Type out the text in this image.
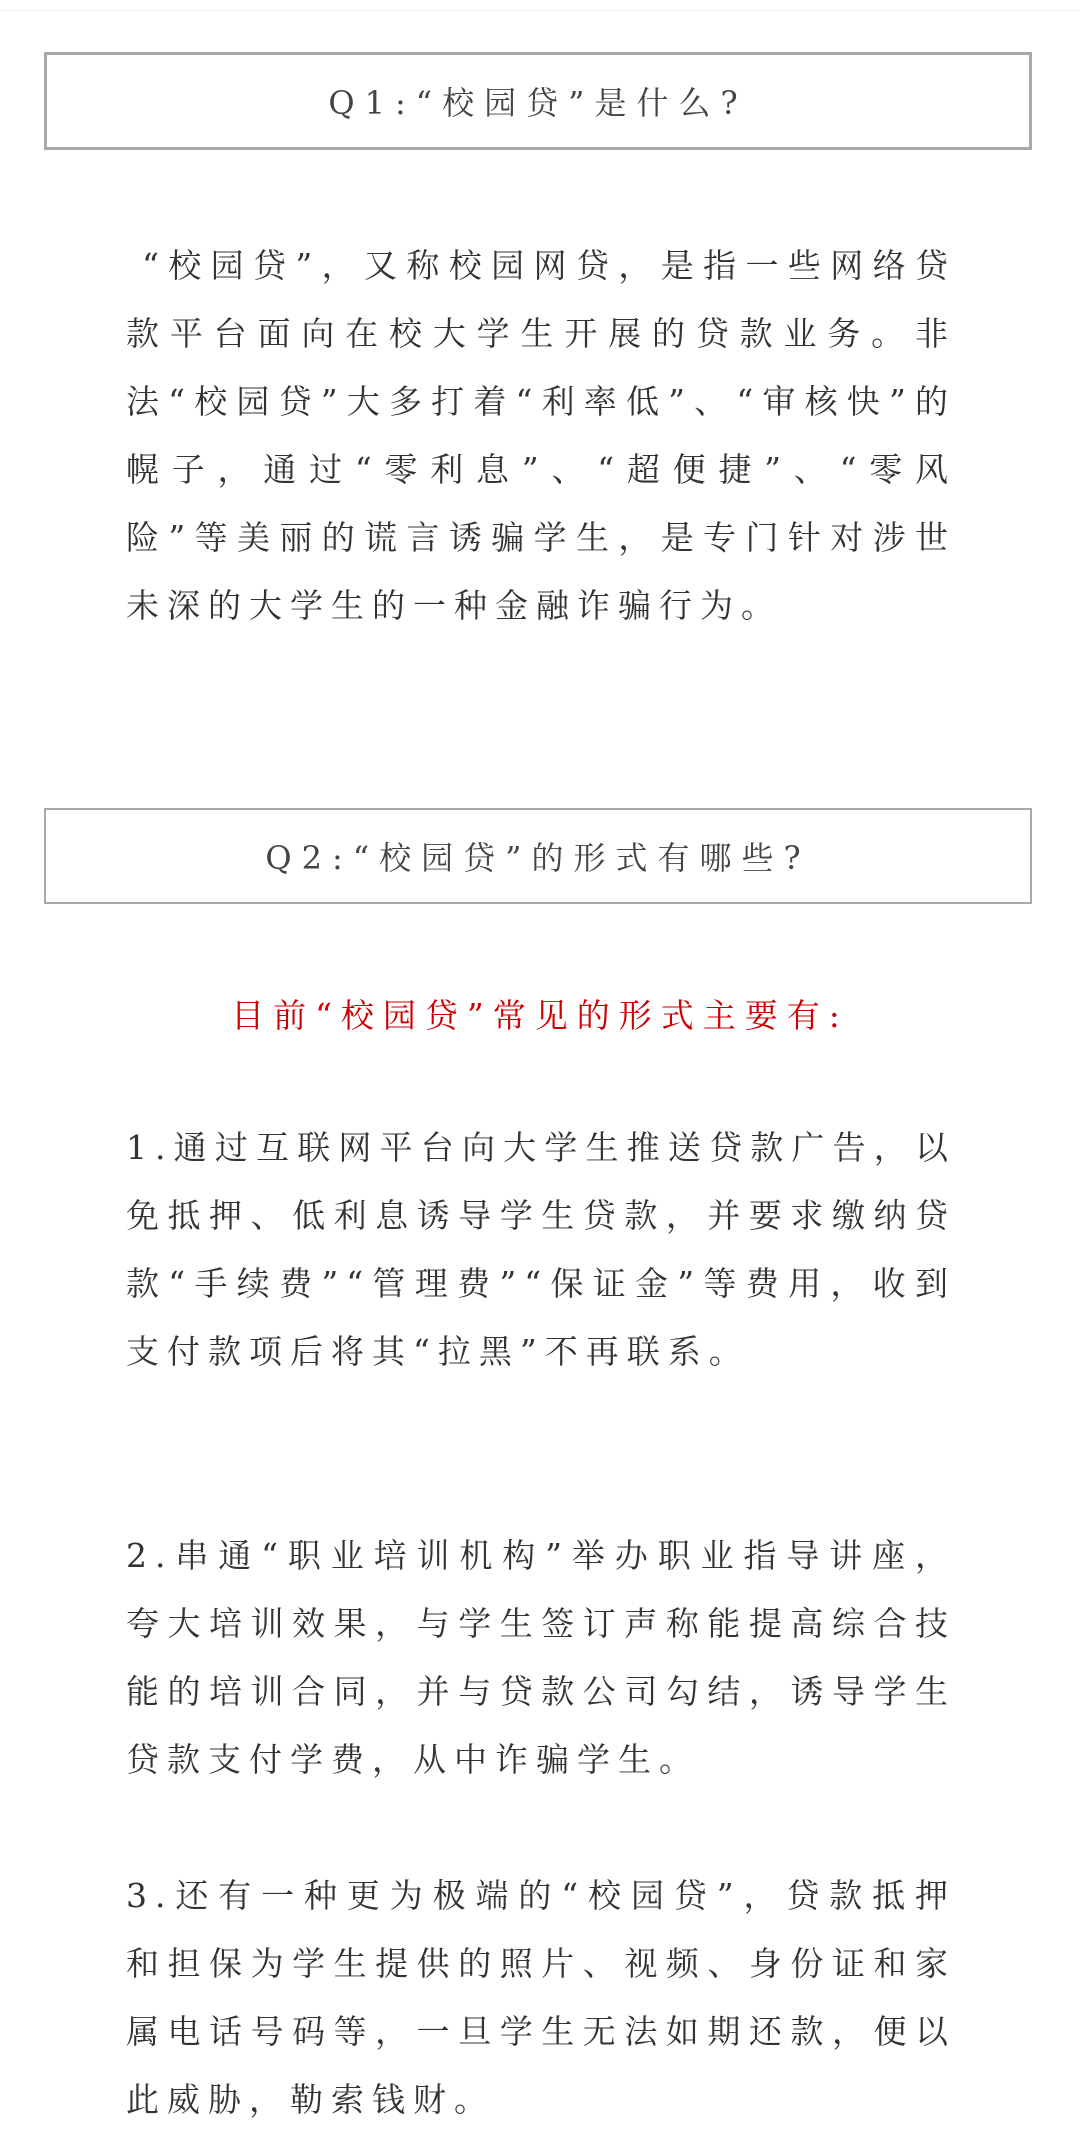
Q1:“校园贷”是什么?

“校园贷”，又称校园网贷，是指一些网络贷款平台面向在校大学生开展的贷款业务。非法“校园贷”大多打着“利率低”、“审核快”的幌子，通过“零利息”、“超便捷”、“零风险”等美丽的谎言诱骗学生，是专门针对涉世未深的大学生的一种金融诈骗行为。

Q2:“校园贷”的形式有哪些?

目前“校园贷”常见的形式主要有:

1.通过互联网平台向大学生推送贷款广告，以免抵押、低利息诱导学生贷款，并要求缴纳贷款“手续费”“管理费”“保证金”等费用，收到支付款项后将其“拉黑”不再联系。

2.串通“职业培训机构”举办职业指导讲座，夸大培训效果，与学生签订声称能提高综合技能的培训合同，并与贷款公司勾结，诱导学生贷款支付学费，从中诈骗学生。

3.还有一种更为极端的“校园贷”，贷款抵押和担保为学生提供的照片、视频、身份证和家属电话号码等，一旦学生无法如期还款，便以此威胁，勒索钱财。
